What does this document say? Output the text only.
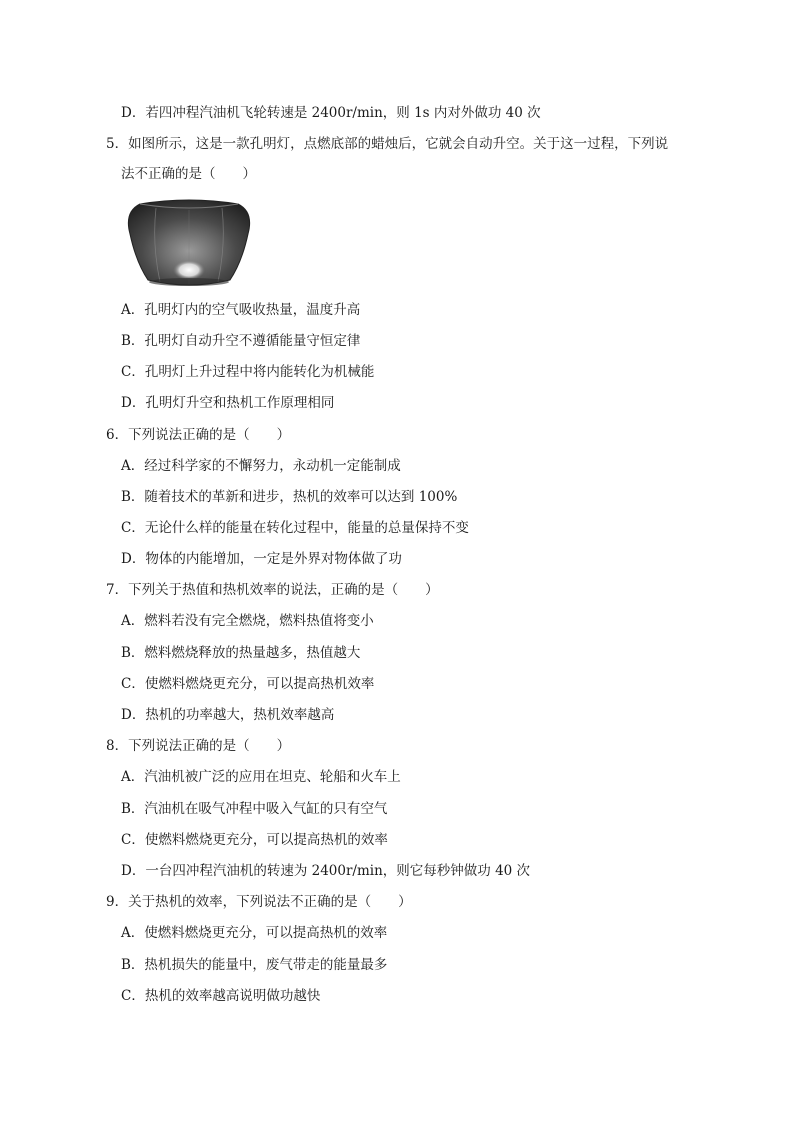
D．若四冲程汽油机飞轮转速是 2400r/min，则 1s 内对外做功 40 次
5．如图所示，这是一款孔明灯，点燃底部的蜡烛后，它就会自动升空。关于这一过程，下列说
法不正确的是（　　）
A．孔明灯内的空气吸收热量，温度升高
B．孔明灯自动升空不遵循能量守恒定律
C．孔明灯上升过程中将内能转化为机械能
D．孔明灯升空和热机工作原理相同
6．下列说法正确的是（　　）
A．经过科学家的不懈努力，永动机一定能制成
B．随着技术的革新和进步，热机的效率可以达到 100%
C．无论什么样的能量在转化过程中，能量的总量保持不变
D．物体的内能增加，一定是外界对物体做了功
7．下列关于热值和热机效率的说法，正确的是（　　）
A．燃料若没有完全燃烧，燃料热值将变小
B．燃料燃烧释放的热量越多，热值越大
C．使燃料燃烧更充分，可以提高热机效率
D．热机的功率越大，热机效率越高
8．下列说法正确的是（　　）
A．汽油机被广泛的应用在坦克、轮船和火车上
B．汽油机在吸气冲程中吸入气缸的只有空气
C．使燃料燃烧更充分，可以提高热机的效率
D．一台四冲程汽油机的转速为 2400r/min，则它每秒钟做功 40 次
9．关于热机的效率，下列说法不正确的是（　　）
A．使燃料燃烧更充分，可以提高热机的效率
B．热机损失的能量中，废气带走的能量最多
C．热机的效率越高说明做功越快
